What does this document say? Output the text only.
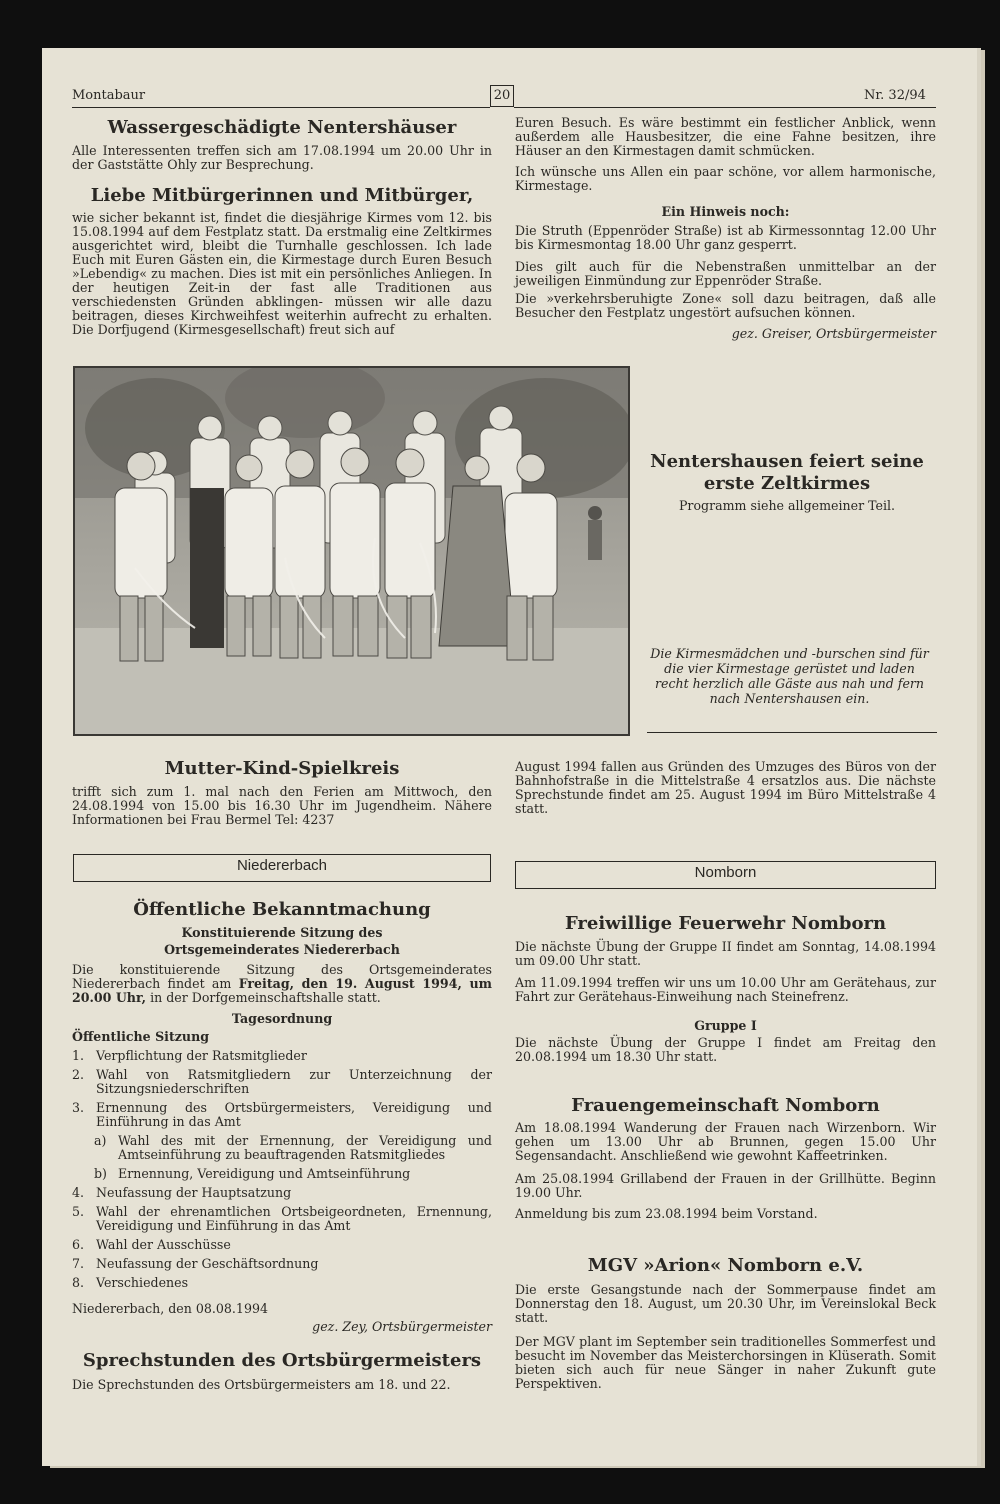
Montabaur	20	Nr. 32/94
Wassergeschädigte Nentershäuser
Alle Interessenten treffen sich am 17.08.1994 um 20.00 Uhr in der Gaststätte Ohly zur Besprechung.
Liebe Mitbürgerinnen und Mitbürger,
wie sicher bekannt ist, findet die diesjährige Kirmes vom 12. bis 15.08.1994 auf dem Festplatz statt. Da erstmalig eine Zeltkirmes ausgerichtet wird, bleibt die Turnhalle geschlossen. Ich lade Euch mit Euren Gästen ein, die Kirmestage durch Euren Besuch »Lebendig« zu machen. Dies ist mit ein persönliches Anliegen. In der heutigen Zeit-in der fast alle Traditionen aus verschiedensten Gründen abklingen- müssen wir alle dazu beitragen, dieses Kirchweihfest weiterhin aufrecht zu erhalten. Die Dorfjugend (Kirmesgesellschaft) freut sich auf
Euren Besuch. Es wäre bestimmt ein festlicher Anblick, wenn außerdem alle Hausbesitzer, die eine Fahne besitzen, ihre Häuser an den Kirmestagen damit schmücken.
Ich wünsche uns Allen ein paar schöne, vor allem harmonische, Kirmestage.
Ein Hinweis noch:
Die Struth (Eppenröder Straße) ist ab Kirmessonntag 12.00 Uhr bis Kirmesmontag 18.00 Uhr ganz gesperrt.
Dies gilt auch für die Nebenstraßen unmittelbar an der jeweiligen Einmündung zur Eppenröder Straße.
Die »verkehrsberuhigte Zone« soll dazu beitragen, daß alle Besucher den Festplatz ungestört aufsuchen können.
gez. Greiser, Ortsbürgermeister
Nentershausen feiert seine erste Zeltkirmes
Programm siehe allgemeiner Teil.
Die Kirmesmädchen und -burschen sind für die vier Kirmestage gerüstet und laden recht herzlich alle Gäste aus nah und fern nach Nentershausen ein.
Mutter-Kind-Spielkreis
trifft sich zum 1. mal nach den Ferien am Mittwoch, den 24.08.1994 von 15.00 bis 16.30 Uhr im Jugendheim. Nähere Informationen bei Frau Bermel Tel: 4237
August 1994 fallen aus Gründen des Umzuges des Büros von der Bahnhofstraße in die Mittelstraße 4 ersatzlos aus. Die nächste Sprechstunde findet am 25. August 1994 im Büro Mittelstraße 4 statt.
Niedererbach	Nomborn
Öffentliche Bekanntmachung
Konstituierende Sitzung des
Ortsgemeinderates Niedererbach
Die konstituierende Sitzung des Ortsgemeinderates Niedererbach findet am Freitag, den 19. August 1994, um 20.00 Uhr, in der Dorfgemeinschaftshalle statt.
Tagesordnung
Öffentliche Sitzung
1. Verpflichtung der Ratsmitglieder
2. Wahl von Ratsmitgliedern zur Unterzeichnung der Sitzungsniederschriften
3. Ernennung des Ortsbürgermeisters, Vereidigung und Einführung in das Amt
a) Wahl des mit der Ernennung, der Vereidigung und Amtseinführung zu beauftragenden Ratsmitgliedes
b) Ernennung, Vereidigung und Amtseinführung
4. Neufassung der Hauptsatzung
5. Wahl der ehrenamtlichen Ortsbeigeordneten, Ernennung, Vereidigung und Einführung in das Amt
6. Wahl der Ausschüsse
7. Neufassung der Geschäftsordnung
8. Verschiedenes
Niedererbach, den 08.08.1994
gez. Zey, Ortsbürgermeister
Sprechstunden des Ortsbürgermeisters
Die Sprechstunden des Ortsbürgermeisters am 18. und 22.
Freiwillige Feuerwehr Nomborn
Die nächste Übung der Gruppe II findet am Sonntag, 14.08.1994 um 09.00 Uhr statt.
Am 11.09.1994 treffen wir uns um 10.00 Uhr am Gerätehaus, zur Fahrt zur Gerätehaus-Einweihung nach Steinefrenz.
Gruppe I
Die nächste Übung der Gruppe I findet am Freitag den 20.08.1994 um 18.30 Uhr statt.
Frauengemeinschaft Nomborn
Am 18.08.1994 Wanderung der Frauen nach Wirzenborn. Wir gehen um 13.00 Uhr ab Brunnen, gegen 15.00 Uhr Segensandacht. Anschließend wie gewohnt Kaffeetrinken.
Am 25.08.1994 Grillabend der Frauen in der Grillhütte. Beginn 19.00 Uhr.
Anmeldung bis zum 23.08.1994 beim Vorstand.
MGV »Arion« Nomborn e.V.
Die erste Gesangstunde nach der Sommerpause findet am Donnerstag den 18. August, um 20.30 Uhr, im Vereinslokal Beck statt.
Der MGV plant im September sein traditionelles Sommerfest und besucht im November das Meisterchorsingen in Klüserath. Somit bieten sich auch für neue Sänger in naher Zukunft gute Perspektiven.
